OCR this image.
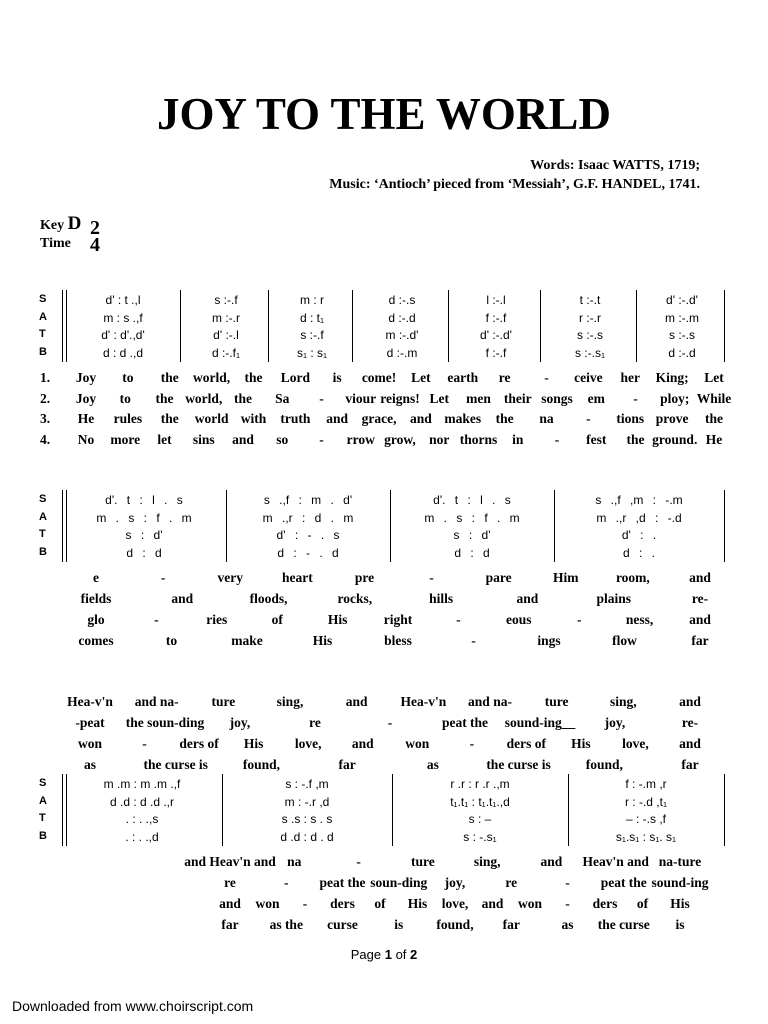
JOY TO THE WORLD
Words: Isaac WATTS, 1719;
Music: ‘Antioch’ pieced from ‘Messiah’, G.F. HANDEL, 1741.
Key D
Time
2
4
S	d' : t .,l	s :-.f	m : r	d :-.s	l :-.l	t :-.t	d' :-.d'
A	m : s .,f	m :-.r	d : t₁	d :-.d	f :-.f	r :-.r	m :-.m
T	d' : d'.,d'	d' :-.l	s :-.f	m :-.d'	d' :-.d'	s :-.s	s :-.s
B	d : d .,d	d :-.f₁	s₁ : s₁	d :-.m	f :-.f	s :-.s₁	d :-.d
1.
2.
3.
4.
Joy to the world, the Lord is come! Let earth re	- ceive her King; Let
Joy to the world, the Sa - viour reigns! Let men their songs em - ploy; While
He rules the world with truth and grace, and makes the na - tions prove the
No more let sins and so - rrow grow, nor thorns in - fest the ground. He
S	d'. t : l . s	s .,f : m . d'	d'. t : l . s	s .,f ,m : -.m
A	m . s : f . m	m .,r : d . m	m . s : f . m	m .,r ,d : -.d
T	s : d'	d' : - . s	s : d'	d' : .
B	d : d	d : - . d	d : d	d : .
e	-	very	heart	pre	-	pare	Him	room,	and
fields	and	floods,	rocks,	hills	and	plains	re-
glo	-	ries	of	His	right	-	eous	-	ness,	and
comes	to	make	His	bless	-	ings	flow	far
Hea-v'n and na- ture	sing,	and Hea-v'n and na- ture	sing,	and
-peat the soun-ding joy,	re	-	peat the sound-ing__ joy,	re-
won	- ders of His love, and won	- ders of His love, and
as	the curse is	found,	far	as	the curse is	found,	far
S	m .m : m .m .,f	s : -.f ,m	r .r : r .r .,m	f : -.m ,r
A	d .d : d .d .,r	m : -.r ,d	t₁.t₁ : t₁.t₁.,d	r : -.d ,t₁
T	. : . .,s	s .s : s . s	s : –	– : -.s ,f
B	. : . .,d	d .d : d . d	s : -.s₁	s₁.s₁ : s₁. s₁
and Heav'n and na	-	ture	sing,	and Heav'n and na-ture
re	- peat the soun-ding joy,	re	- peat the sound-ing
and won - ders of His love, and won - ders of His
far as the curse	is found, far	as the curse is
Page 1 of 2
Downloaded from www.choirscript.com
